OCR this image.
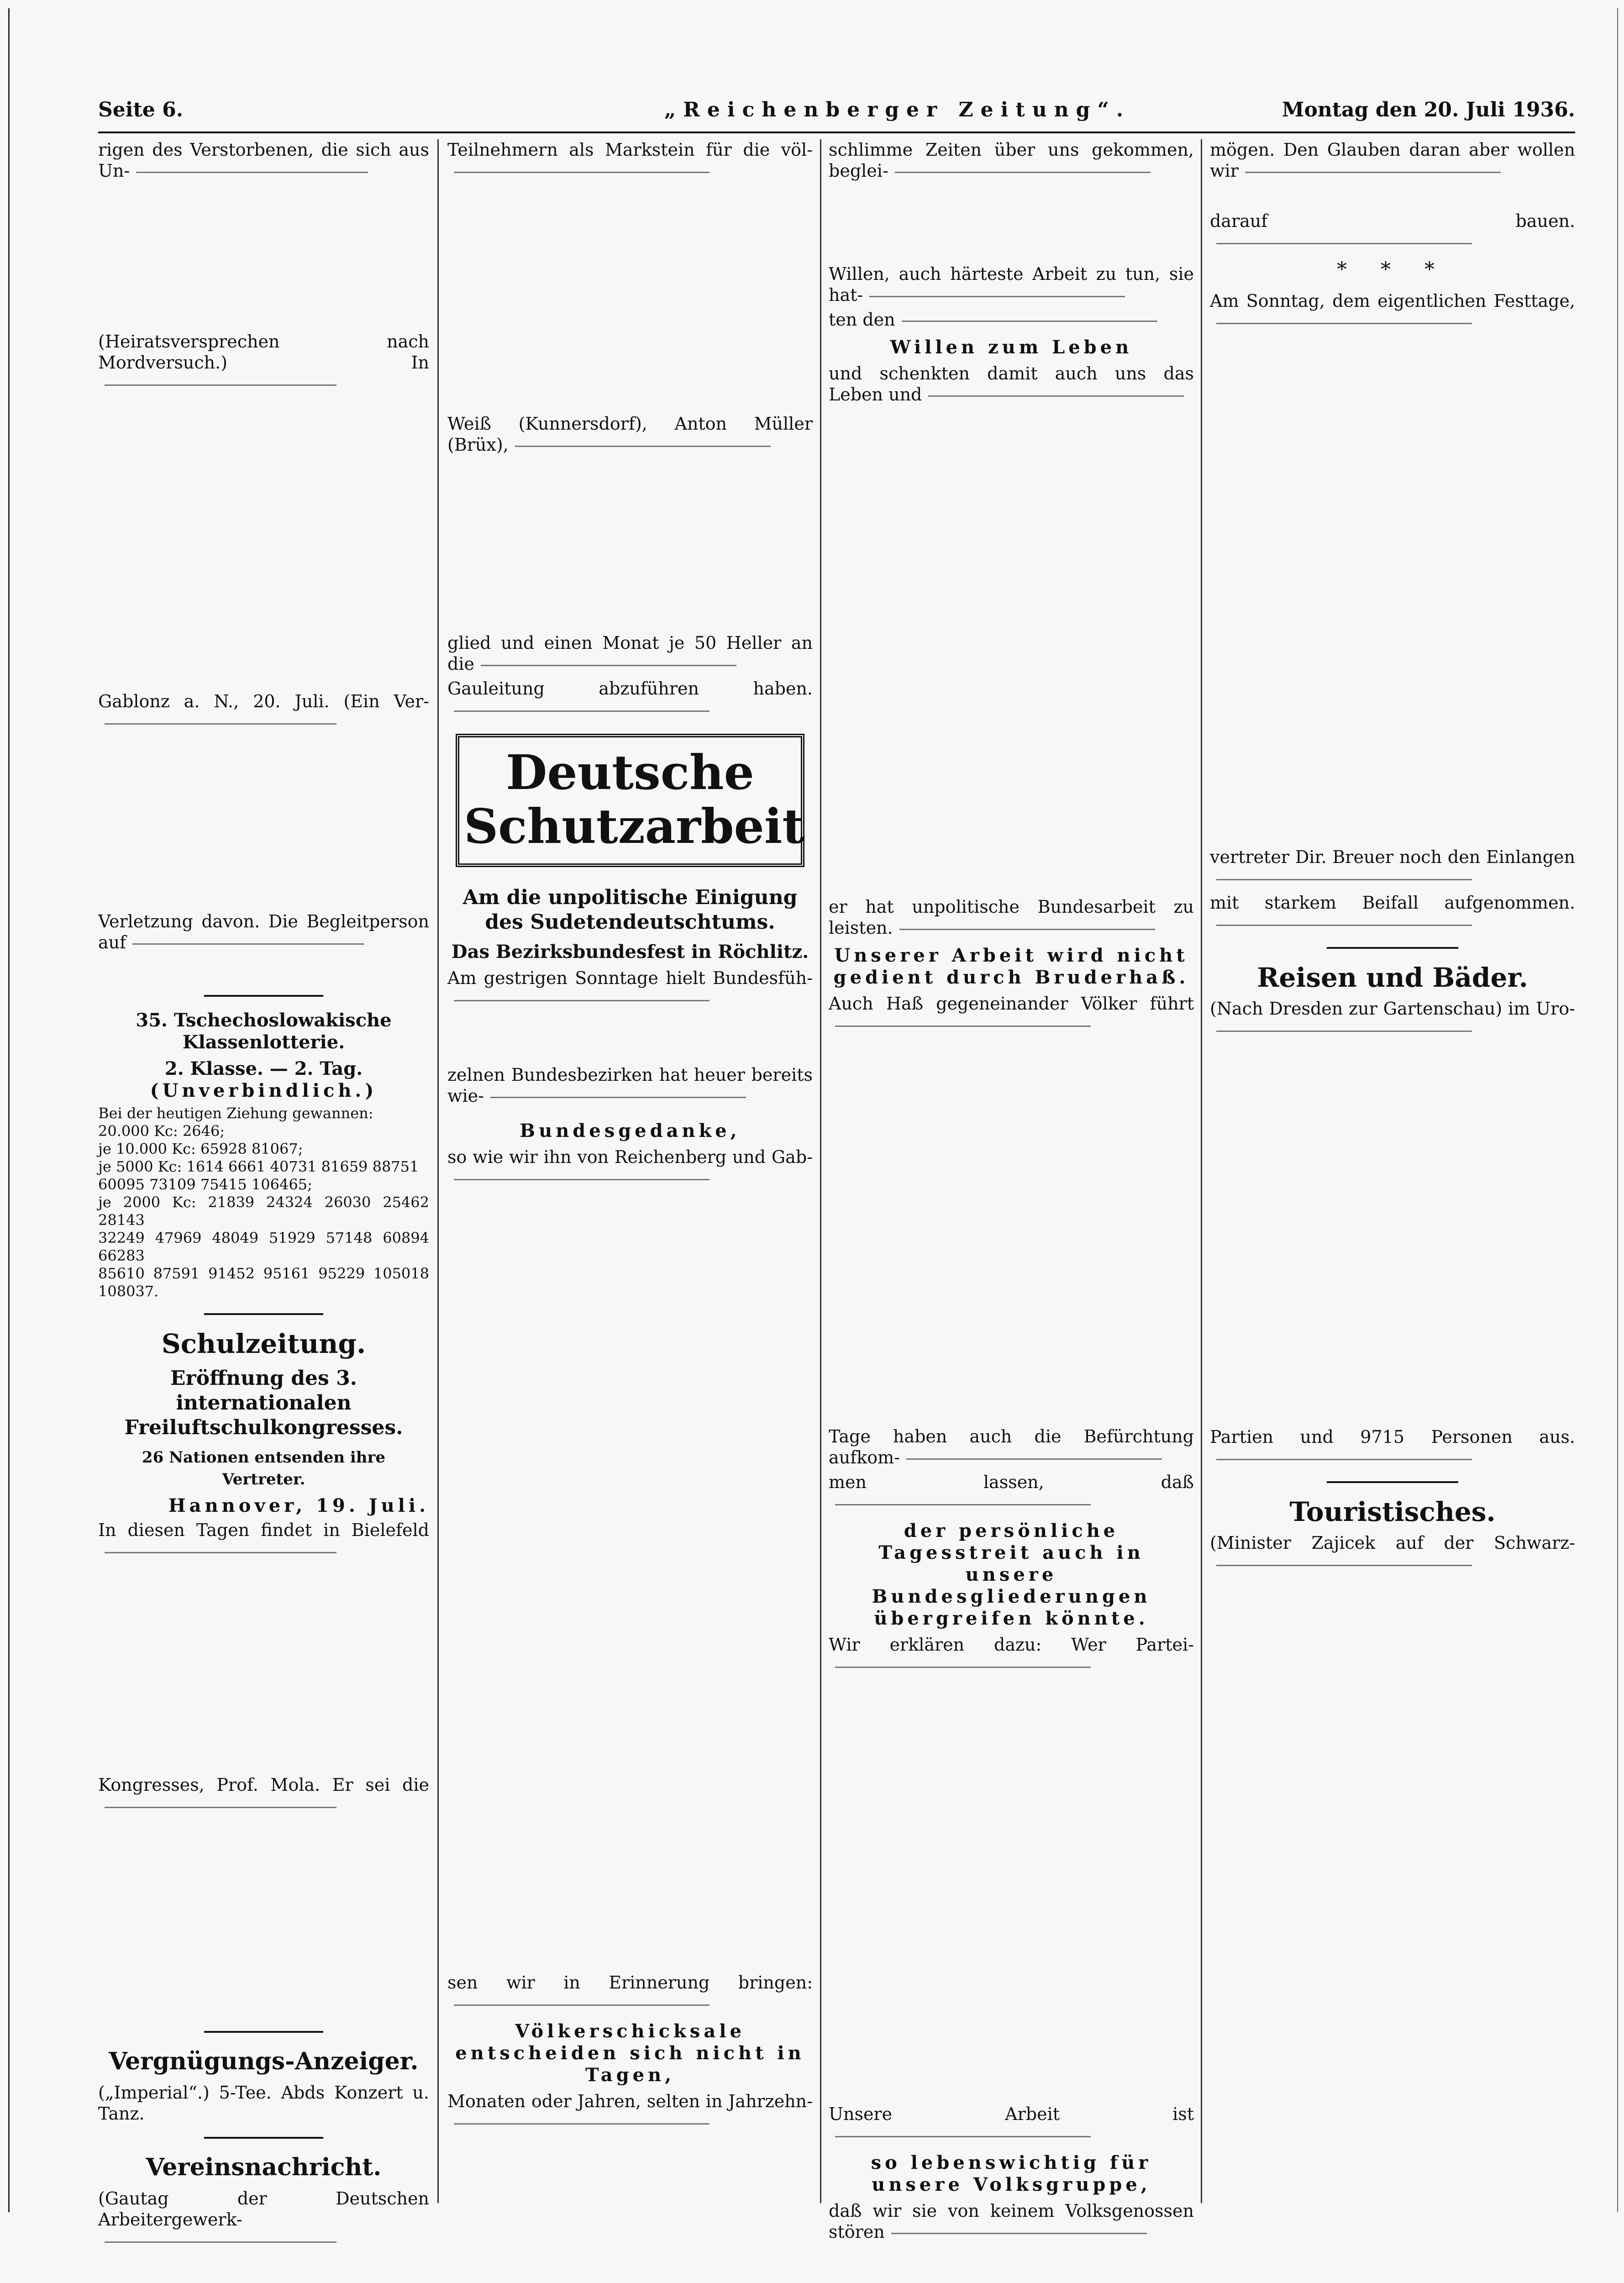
Seite 6.	„Reichenberger Zeitung“.	Montag den 20. Juli 1936.
rigen des Verstorbenen, die sich aus Un-
(Heiratsversprechen nach Mordversuch.) In
Gablonz a. N., 20. Juli. (Ein Ver-
Verletzung davon. Die Begleitperson auf
35. Tschechoslowakische Klassenlotterie.
2. Klasse. — 2. Tag.
(Unverbindlich.)
Bei der heutigen Ziehung gewannen:
20.000 Kc: 2646;
je 10.000 Kc: 65928 81067;
je 5000 Kc: 1614 6661 40731 81659 88751
60095 73109 75415 106465;
je 2000 Kc: 21839 24324 26030 25462 28143
32249 47969 48049 51929 57148 60894 66283
85610 87591 91452 95161 95229 105018 108037.
Schulzeitung.
Eröffnung des 3. internationalen Freiluftschulkongresses.
26 Nationen entsenden ihre Vertreter.
Hannover, 19. Juli.
In diesen Tagen findet in Bielefeld
Kongresses, Prof. Mola. Er sei die
Vergnügungs-Anzeiger.
(„Imperial“.) 5-Tee. Abds Konzert u. Tanz.
Vereinsnachricht.
(Gautag der Deutschen Arbeitergewerk-
Teilnehmern als Markstein für die völ-
Weiß (Kunnersdorf), Anton Müller (Brüx),
glied und einen Monat je 50 Heller an die
Gauleitung abzuführen haben.
Deutsche Schutzarbeit
Am die unpolitische Einigung des Sudetendeutschtums.
Das Bezirksbundesfest in Röchlitz.
Am gestrigen Sonntage hielt Bundesfüh-
zelnen Bundesbezirken hat heuer bereits wie-
Bundesgedanke,
so wie wir ihn von Reichenberg und Gab-
sen wir in Erinnerung bringen:
Völkerschicksale entscheiden sich nicht in Tagen,
Monaten oder Jahren, selten in Jahrzehn-
schlimme Zeiten über uns gekommen, beglei-
Willen, auch härteste Arbeit zu tun, sie hat-
ten den
Willen zum Leben
und schenkten damit auch uns das Leben und
er hat unpolitische Bundesarbeit zu leisten.
Unserer Arbeit wird nicht gedient durch Bruderhaß.
Auch Haß gegeneinander Völker führt
Tage haben auch die Befürchtung aufkom-
men lassen, daß
der persönliche Tagesstreit auch in unsere Bundesgliederungen übergreifen könnte.
Wir erklären dazu: Wer Partei-
Unsere Arbeit ist
so lebenswichtig für unsere Volksgruppe,
daß wir sie von keinem Volksgenossen stören
mögen. Den Glauben daran aber wollen wir
darauf bauen.
* * *
Am Sonntag, dem eigentlichen Festtage,
vertreter Dir. Breuer noch den Einlangen
mit starkem Beifall aufgenommen.
Reisen und Bäder.
(Nach Dresden zur Gartenschau) im Uro-
Partien und 9715 Personen aus.
Touristisches.
(Minister Zajicek auf der Schwarz-
